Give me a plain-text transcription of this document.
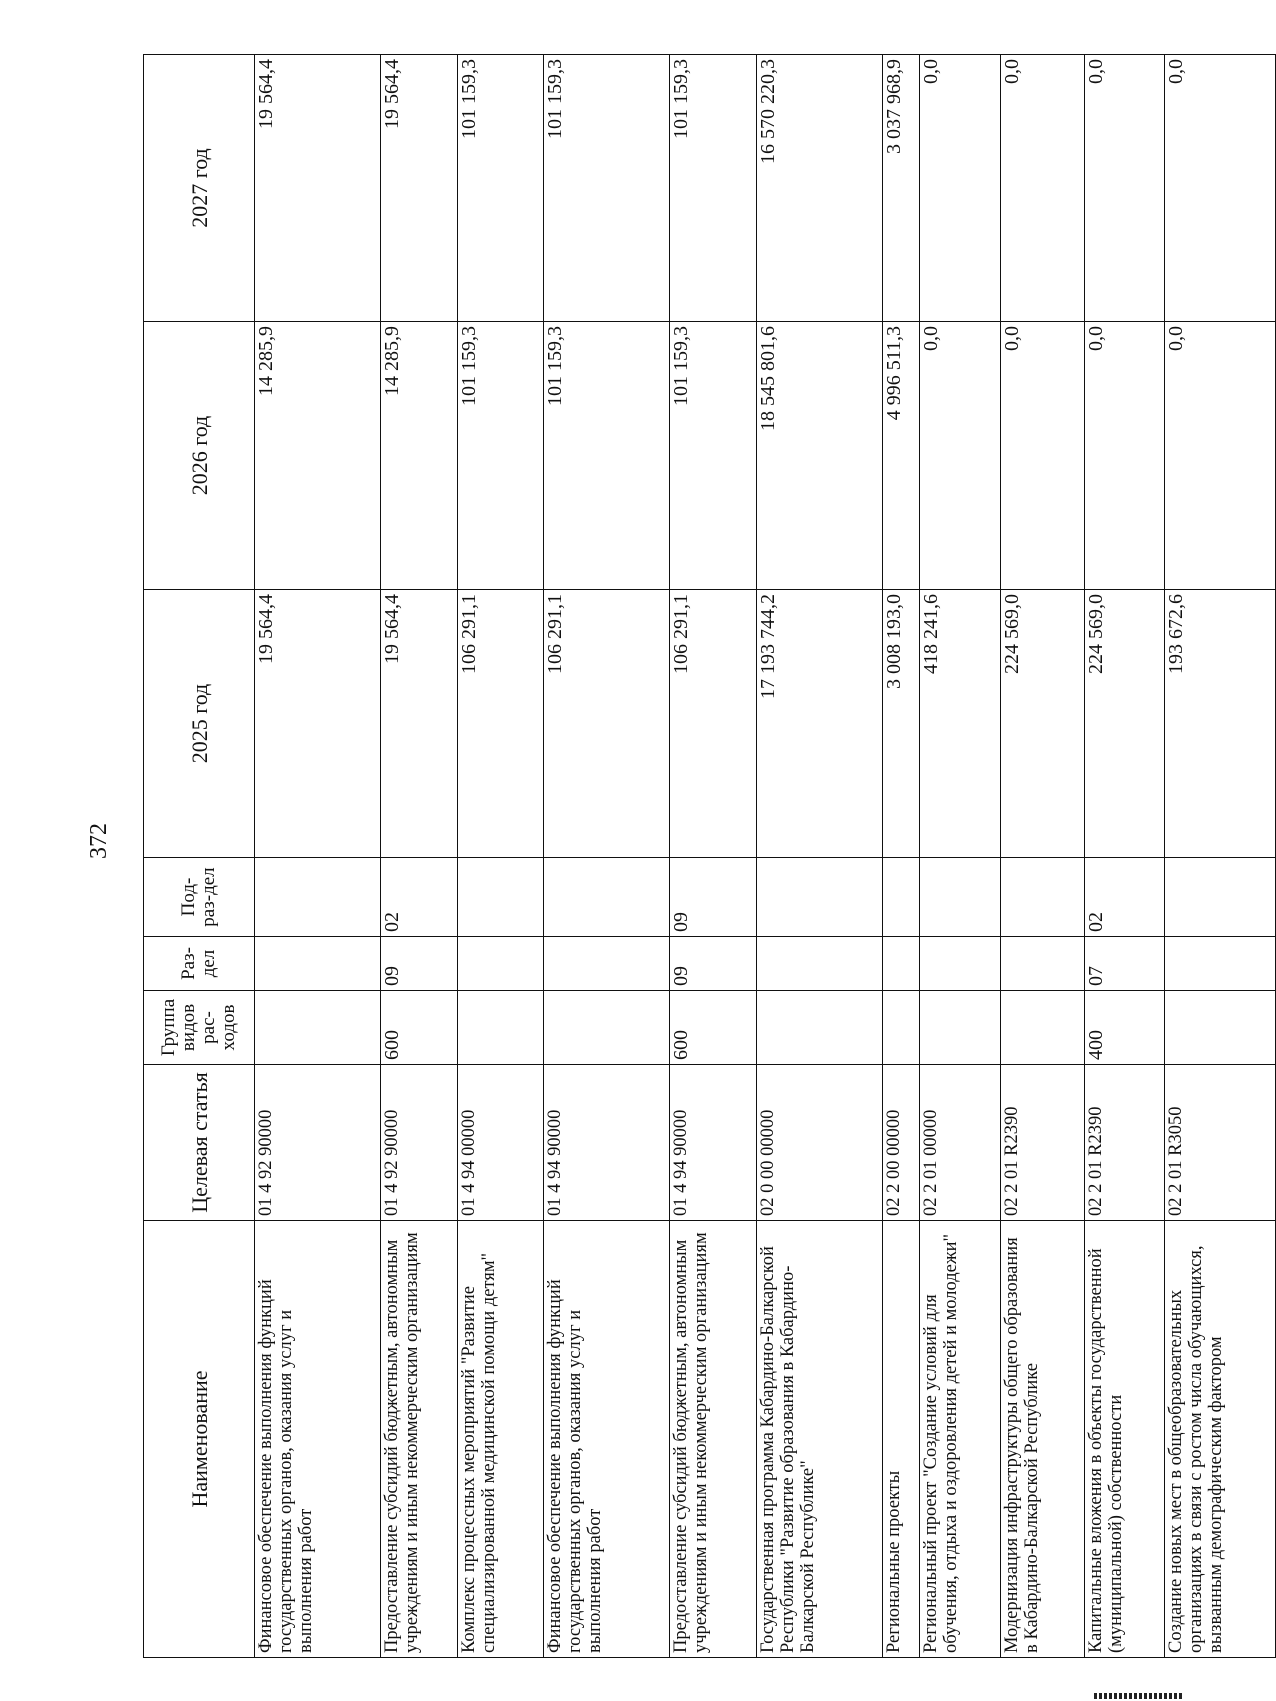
372
Наименование	Целевая статья	Группа видов рас-ходов	Раз-дел	Под-раз-дел	2025 год	2026 год	2027 год
Финансовое обеспечение выполнения функций государственных органов, оказания услуг и выполнения работ	01 4 92 90000				19 564,4	14 285,9	19 564,4
Предоставление субсидий бюджетным, автономным учреждениям и иным некоммерческим организациям	01 4 92 90000	600	09	02	19 564,4	14 285,9	19 564,4
Комплекс процессных мероприятий "Развитие специализированной медицинской помощи детям"	01 4 94 00000				106 291,1	101 159,3	101 159,3
Финансовое обеспечение выполнения функций государственных органов, оказания услуг и выполнения работ	01 4 94 90000				106 291,1	101 159,3	101 159,3
Предоставление субсидий бюджетным, автономным учреждениям и иным некоммерческим организациям	01 4 94 90000	600	09	09	106 291,1	101 159,3	101 159,3
Государственная программа Кабардино-Балкарской Республики "Развитие образования в Кабардино-Балкарской Республике"	02 0 00 00000				17 193 744,2	18 545 801,6	16 570 220,3
Региональные проекты	02 2 00 00000				3 008 193,0	4 996 511,3	3 037 968,9
Региональный проект "Создание условий для обучения, отдыха и оздоровления детей и молодежи"	02 2 01 00000				418 241,6	0,0	0,0
Модернизация инфраструктуры общего образования в Кабардино-Балкарской Республике	02 2 01 R2390				224 569,0	0,0	0,0
Капитальные вложения в объекты государственной (муниципальной) собственности	02 2 01 R2390	400	07	02	224 569,0	0,0	0,0
Создание новых мест в общеобразовательных организациях в связи с ростом числа обучающихся, вызванным демографическим фактором	02 2 01 R3050				193 672,6	0,0	0,0
